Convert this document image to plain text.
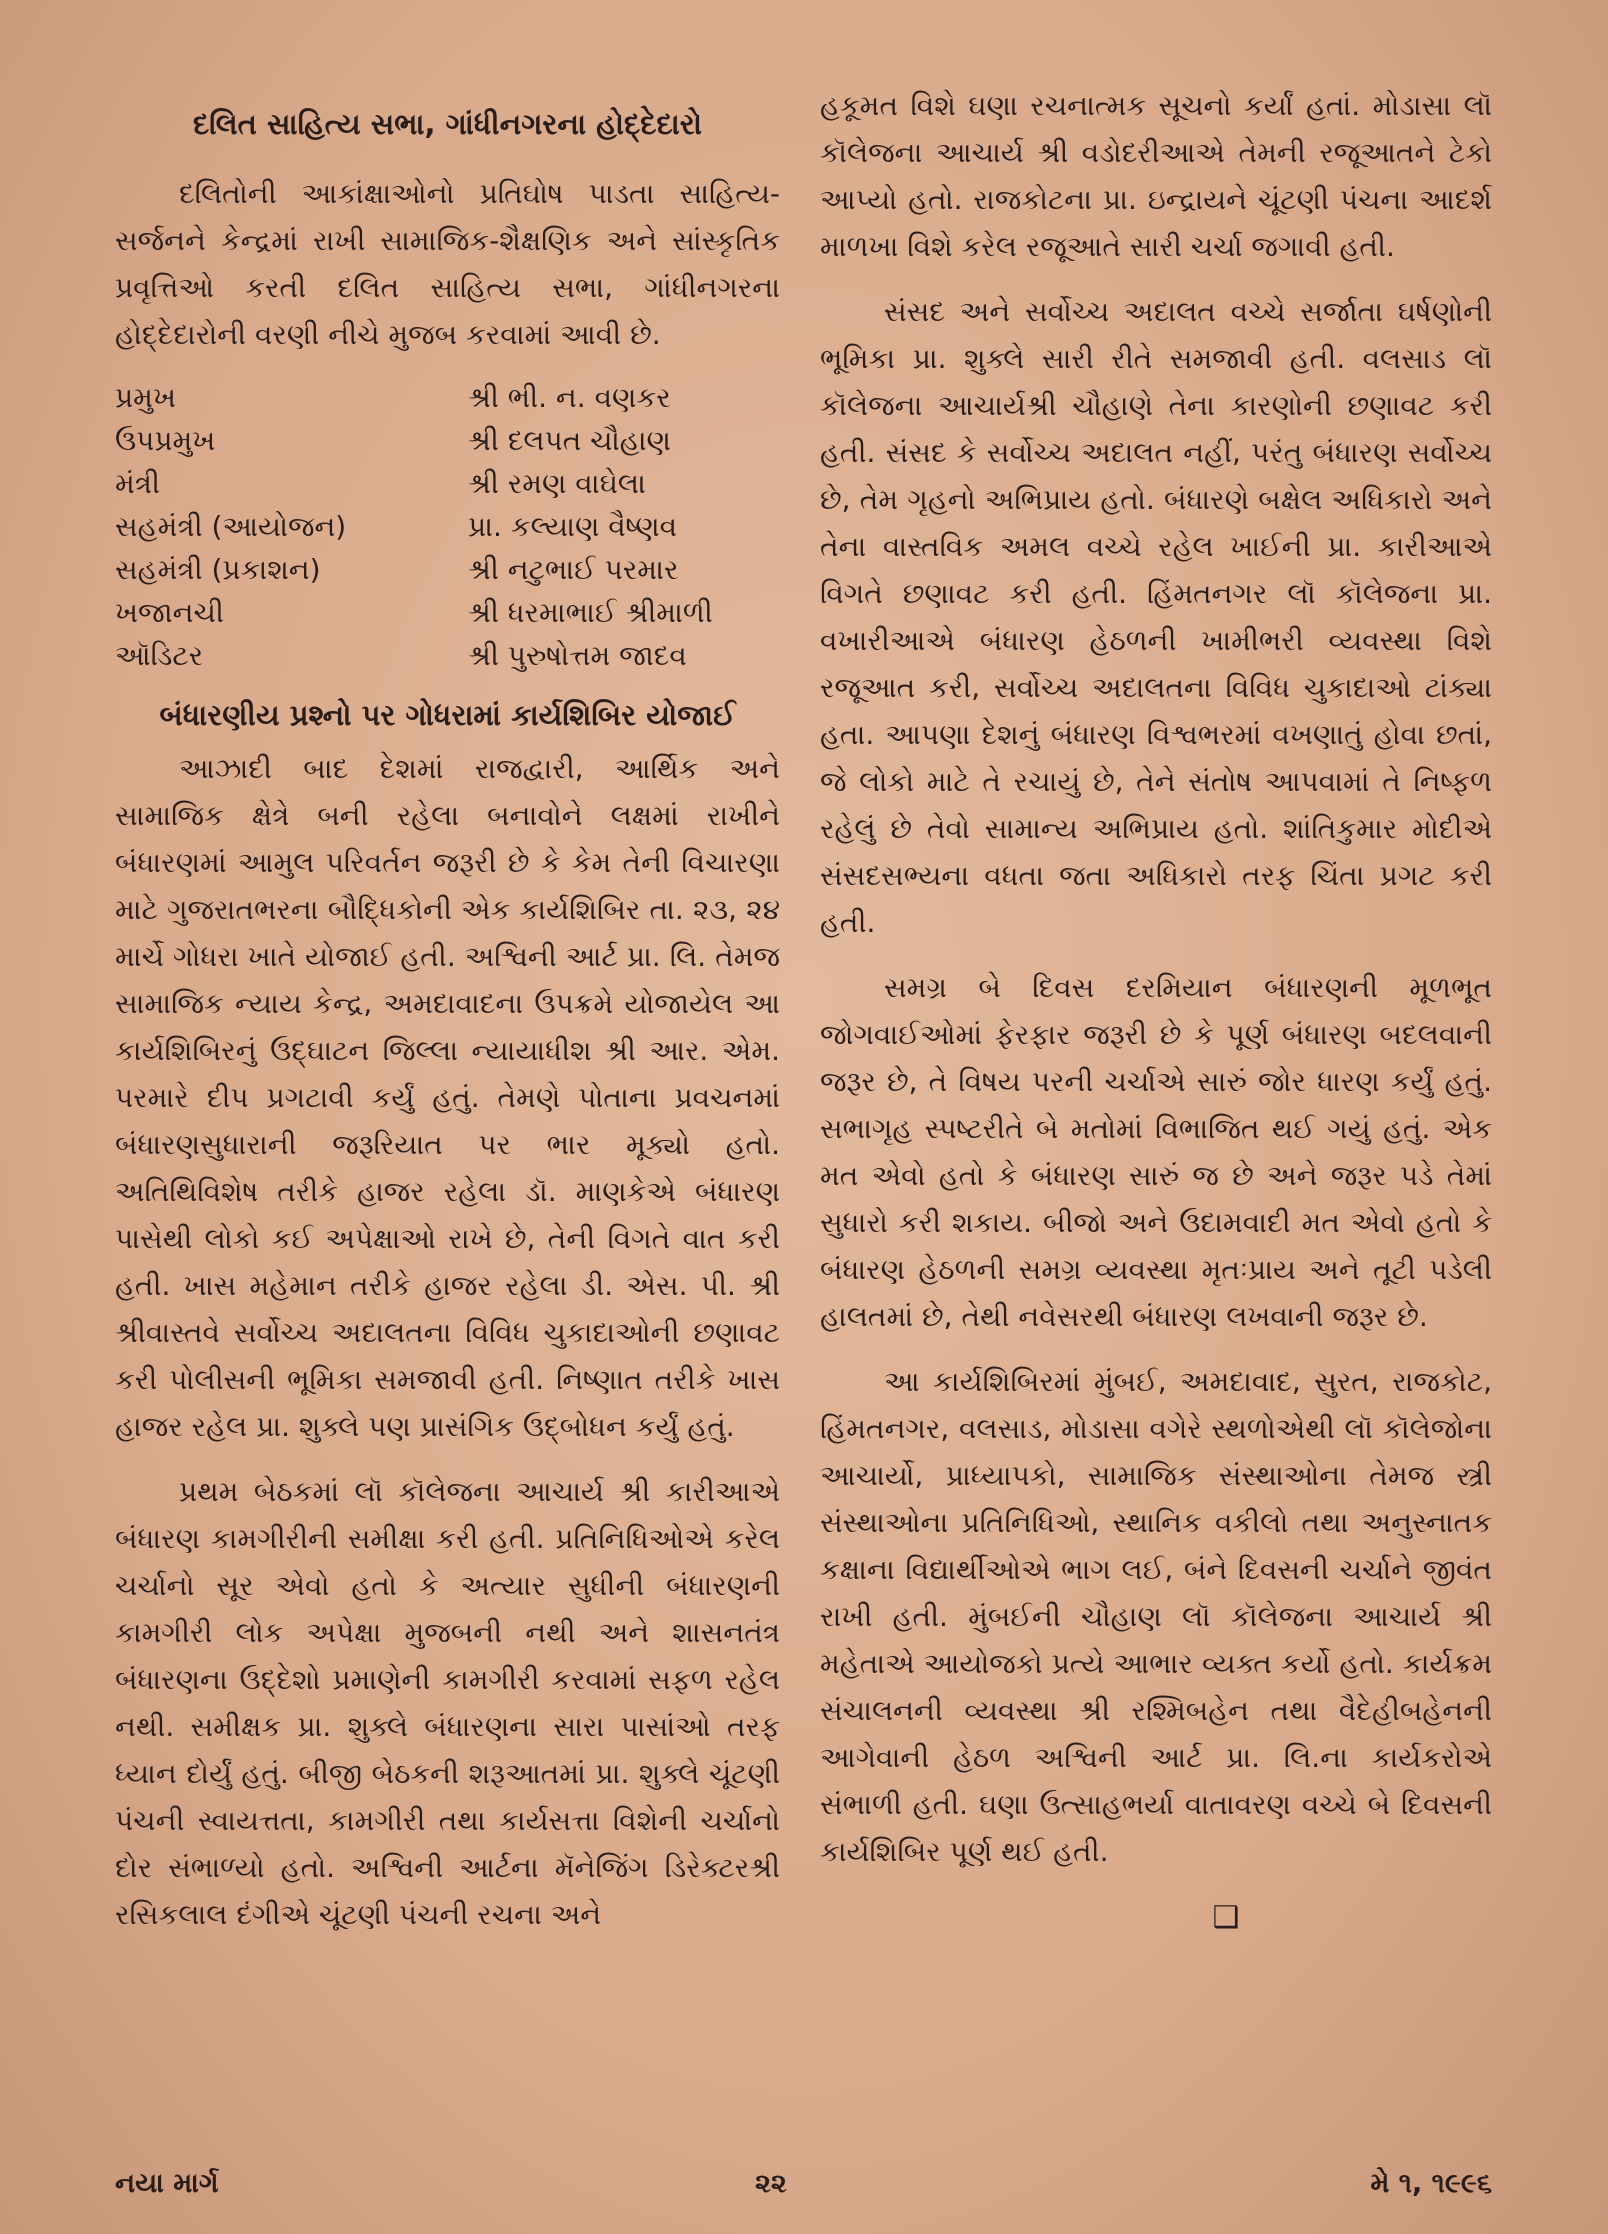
દલિત સાહિત્ય સભા, ગાંધીનગરના હોદ્દેદારો

દલિતોની આકાંક્ષાઓનો પ્રતિઘોષ પાડતા સાહિત્ય-સર્જનને કેન્દ્રમાં રાખી સામાજિક-શૈક્ષણિક અને સાંસ્કૃતિક પ્રવૃત્તિઓ કરતી દલિત સાહિત્ય સભા, ગાંધીનગરના હોદ્દેદારોની વરણી નીચે મુજબ કરવામાં આવી છે.

પ્રમુખ	શ્રી ભી. ન. વણકર
ઉપપ્રમુખ	શ્રી દલપત ચૌહાણ
મંત્રી	શ્રી રમણ વાઘેલા
સહમંત્રી (આયોજન)	પ્રા. કલ્યાણ વૈષ્ણવ
સહમંત્રી (પ્રકાશન)	શ્રી નટુભાઈ પરમાર
ખજાનચી	શ્રી ધરમાભાઈ શ્રીમાળી
ઑડિટર	શ્રી પુરુષોત્તમ જાદવ
બંધારણીય પ્રશ્નો પર ગોધરામાં કાર્યશિબિર યોજાઈ

આઝાદી બાદ દેશમાં રાજદ્વારી, આર્થિક અને સામાજિક ક્ષેત્રે બની રહેલા બનાવોને લક્ષમાં રાખીને બંધારણમાં આમુલ પરિવર્તન જરૂરી છે કે કેમ તેની વિચારણા માટે ગુજરાતભરના બૌદ્ધિકોની એક કાર્યશિબિર તા. ૨૩, ૨૪ માર્ચે ગોધરા ખાતે યોજાઈ હતી. અશ્વિની આર્ટ પ્રા. લિ. તેમજ સામાજિક ન્યાય કેન્દ્ર, અમદાવાદના ઉપક્રમે યોજાયેલ આ કાર્યશિબિરનું ઉદ્ઘાટન જિલ્લા ન્યાયાધીશ શ્રી આર. એમ. પરમારે દીપ પ્રગટાવી કર્યું હતું. તેમણે પોતાના પ્રવચનમાં બંધારણસુધારાની જરૂરિયાત પર ભાર મૂક્યો હતો. અતિથિવિશેષ તરીકે હાજર રહેલા ડૉ. માણકેએ બંધારણ પાસેથી લોકો કઈ અપેક્ષાઓ રાખે છે, તેની વિગતે વાત કરી હતી. ખાસ મહેમાન તરીકે હાજર રહેલા ડી. એસ. પી. શ્રી શ્રીવાસ્તવે સર્વોચ્ચ અદાલતના વિવિધ ચુકાદાઓની છણાવટ કરી પોલીસની ભૂમિકા સમજાવી હતી. નિષ્ણાત તરીકે ખાસ હાજર રહેલ પ્રા. શુક્લે પણ પ્રાસંગિક ઉદ્બોધન કર્યું હતું.

પ્રથમ બેઠકમાં લૉ કૉલેજના આચાર્ય શ્રી કારીઆએ બંધારણ કામગીરીની સમીક્ષા કરી હતી. પ્રતિનિધિઓએ કરેલ ચર્ચાનો સૂર એવો હતો કે અત્યાર સુધીની બંધારણની કામગીરી લોક અપેક્ષા મુજબની નથી અને શાસનતંત્ર બંધારણના ઉદ્દેશો પ્રમાણેની કામગીરી કરવામાં સફળ રહેલ નથી. સમીક્ષક પ્રા. શુક્લે બંધારણના સારા પાસાંઓ તરફ ધ્યાન દોર્યું હતું. બીજી બેઠકની શરૂઆતમાં પ્રા. શુક્લે ચૂંટણી પંચની સ્વાયત્તતા, કામગીરી તથા કાર્યસત્તા વિશેની ચર્ચાનો દોર સંભાળ્યો હતો. અશ્વિની આર્ટના મૅનેજિંગ ડિરેક્ટરશ્રી રસિકલાલ દંગીએ ચૂંટણી પંચની રચના અને

હકૂમત વિશે ઘણા રચનાત્મક સૂચનો કર્યાં હતાં. મોડાસા લૉ કૉલેજના આચાર્ય શ્રી વડોદરીઆએ તેમની રજૂઆતને ટેકો આપ્યો હતો. રાજકોટના પ્રા. ઇન્દ્રાયને ચૂંટણી પંચના આદર્શ માળખા વિશે કરેલ રજૂઆતે સારી ચર્ચા જગાવી હતી.

સંસદ અને સર્વોચ્ચ અદાલત વચ્ચે સર્જાતા ઘર્ષણોની ભૂમિકા પ્રા. શુક્લે સારી રીતે સમજાવી હતી. વલસાડ લૉ કૉલેજના આચાર્યશ્રી ચૌહાણે તેના કારણોની છણાવટ કરી હતી. સંસદ કે સર્વોચ્ચ અદાલત નહીં, પરંતુ બંધારણ સર્વોચ્ચ છે, તેમ ગૃહનો અભિપ્રાય હતો. બંધારણે બક્ષેલ અધિકારો અને તેના વાસ્તવિક અમલ વચ્ચે રહેલ ખાઈની પ્રા. કારીઆએ વિગતે છણાવટ કરી હતી. હિંમતનગર લૉ કૉલેજના પ્રા. વખારીઆએ બંધારણ હેઠળની ખામીભરી વ્યવસ્થા વિશે રજૂઆત કરી, સર્વોચ્ચ અદાલતના વિવિધ ચુકાદાઓ ટાંક્યા હતા. આપણા દેશનું બંધારણ વિશ્વભરમાં વખણાતું હોવા છતાં, જે લોકો માટે તે રચાયું છે, તેને સંતોષ આપવામાં તે નિષ્ફળ રહેલું છે તેવો સામાન્ય અભિપ્રાય હતો. શાંતિકુમાર મોદીએ સંસદસભ્યના વધતા જતા અધિકારો તરફ ચિંતા પ્રગટ કરી હતી.

સમગ્ર બે દિવસ દરમિયાન બંધારણની મૂળભૂત જોગવાઈઓમાં ફેરફાર જરૂરી છે કે પૂર્ણ બંધારણ બદલવાની જરૂર છે, તે વિષય પરની ચર્ચાએ સારું જોર ધારણ કર્યું હતું. સભાગૃહ સ્પષ્ટરીતે બે મતોમાં વિભાજિત થઈ ગયું હતું. એક મત એવો હતો કે બંધારણ સારું જ છે અને જરૂર પડે તેમાં સુધારો કરી શકાય. બીજો અને ઉદામવાદી મત એવો હતો કે બંધારણ હેઠળની સમગ્ર વ્યવસ્થા મૃતઃપ્રાય અને તૂટી પડેલી હાલતમાં છે, તેથી નવેસરથી બંધારણ લખવાની જરૂર છે.

આ કાર્યશિબિરમાં મુંબઈ, અમદાવાદ, સુરત, રાજકોટ, હિંમતનગર, વલસાડ, મોડાસા વગેરે સ્થળોએથી લૉ કૉલેજોના આચાર્યો, પ્રાધ્યાપકો, સામાજિક સંસ્થાઓના તેમજ સ્ત્રી સંસ્થાઓના પ્રતિનિધિઓ, સ્થાનિક વકીલો તથા અનુસ્નાતક કક્ષાના વિદ્યાર્થીઓએ ભાગ લઈ, બંને દિવસની ચર્ચાને જીવંત રાખી હતી. મુંબઈની ચૌહાણ લૉ કૉલેજના આચાર્ય શ્રી મહેતાએ આયોજકો પ્રત્યે આભાર વ્યક્ત કર્યો હતો. કાર્યક્રમ સંચાલનની વ્યવસ્થા શ્રી રશ્મિબહેન તથા વૈદેહીબહેનની આગેવાની હેઠળ અશ્વિની આર્ટ પ્રા. લિ.ના કાર્યકરોએ સંભાળી હતી. ઘણા ઉત્સાહભર્યા વાતાવરણ વચ્ચે બે દિવસની કાર્યશિબિર પૂર્ણ થઈ હતી.

❑
નયા માર્ગ	૨૨	મે ૧, ૧૯૯૬
